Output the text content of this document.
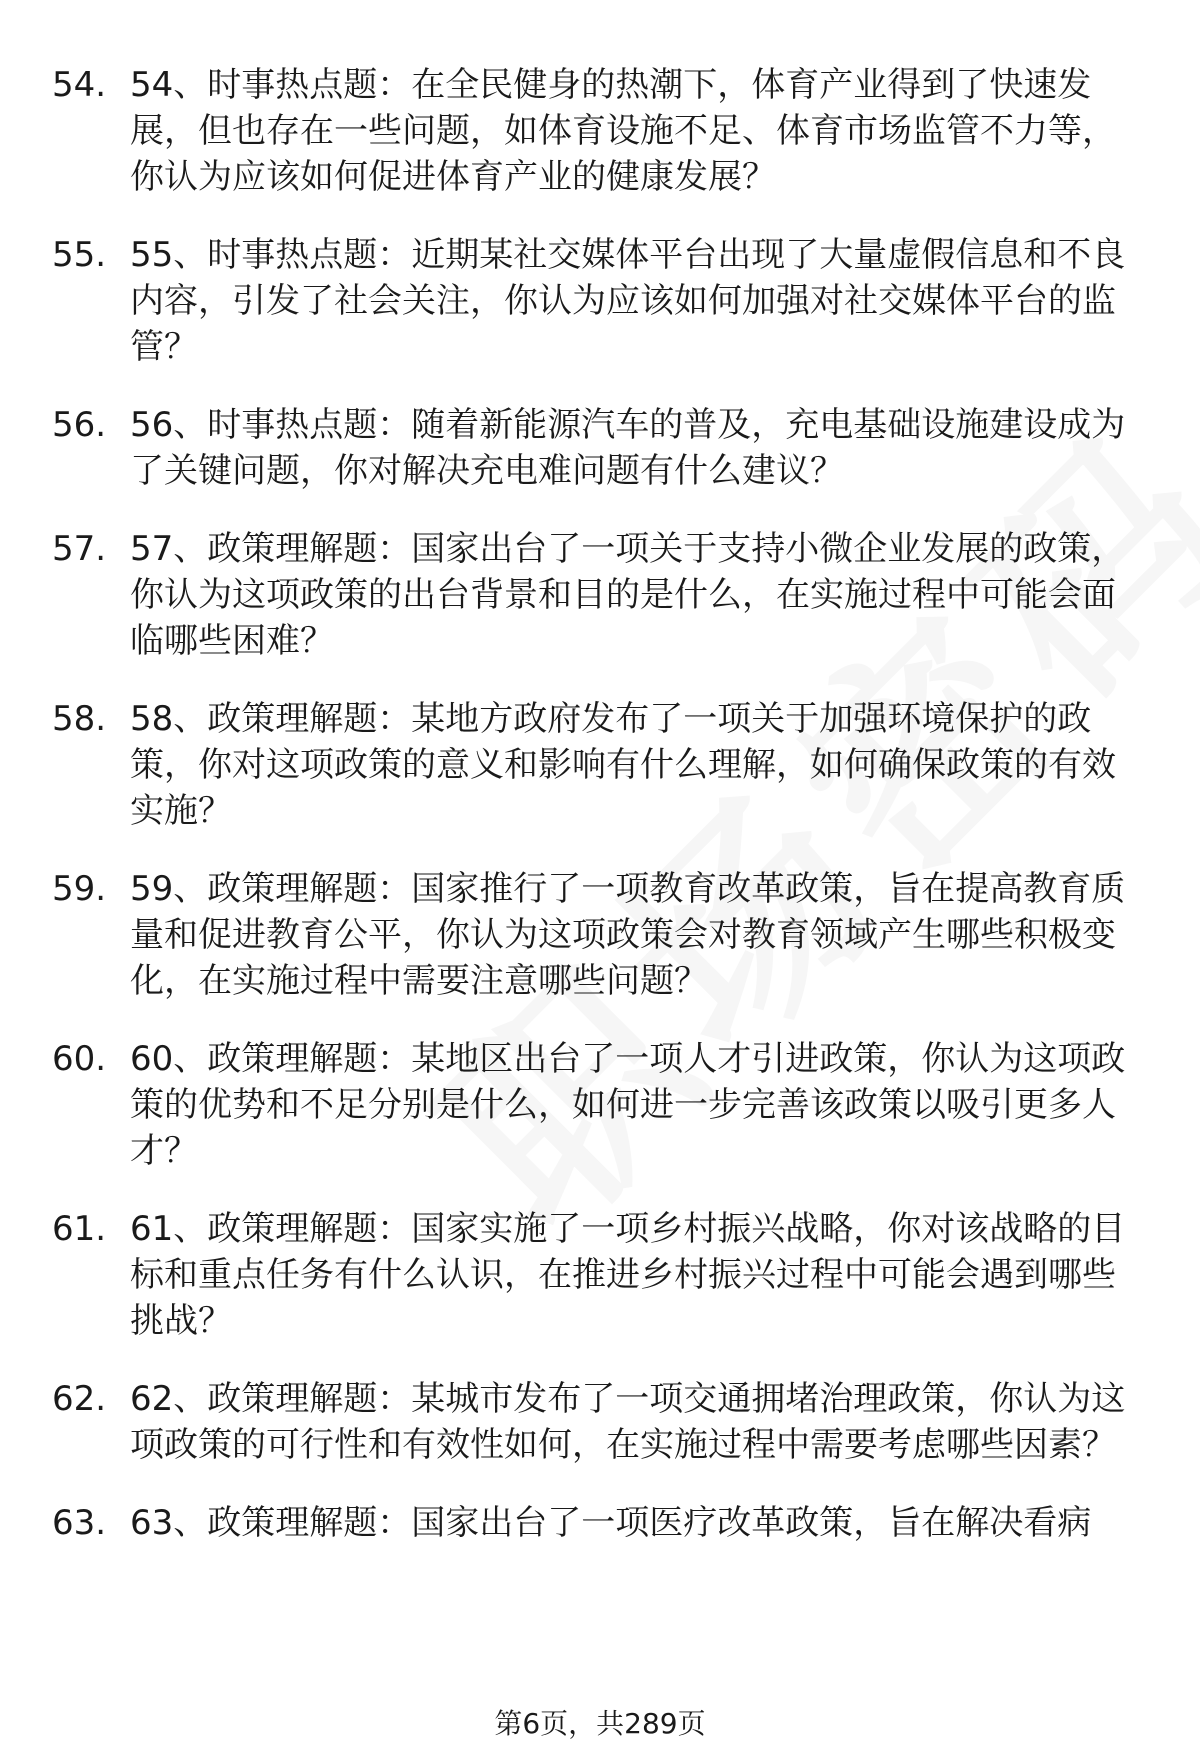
54. 54、时事热点题：在全民健身的热潮下，体育产业得到了快速发展，但也存在一些问题，如体育设施不足、体育市场监管不力等，你认为应该如何促进体育产业的健康发展？
55. 55、时事热点题：近期某社交媒体平台出现了大量虚假信息和不良内容，引发了社会关注，你认为应该如何加强对社交媒体平台的监管？
56. 56、时事热点题：随着新能源汽车的普及，充电基础设施建设成为了关键问题，你对解决充电难问题有什么建议？
57. 57、政策理解题：国家出台了一项关于支持小微企业发展的政策，你认为这项政策的出台背景和目的是什么，在实施过程中可能会面临哪些困难？
58. 58、政策理解题：某地方政府发布了一项关于加强环境保护的政策，你对这项政策的意义和影响有什么理解，如何确保政策的有效实施？
59. 59、政策理解题：国家推行了一项教育改革政策，旨在提高教育质量和促进教育公平，你认为这项政策会对教育领域产生哪些积极变化，在实施过程中需要注意哪些问题？
60. 60、政策理解题：某地区出台了一项人才引进政策，你认为这项政策的优势和不足分别是什么，如何进一步完善该政策以吸引更多人才？
61. 61、政策理解题：国家实施了一项乡村振兴战略，你对该战略的目标和重点任务有什么认识，在推进乡村振兴过程中可能会遇到哪些挑战？
62. 62、政策理解题：某城市发布了一项交通拥堵治理政策，你认为这项政策的可行性和有效性如何，在实施过程中需要考虑哪些因素？
63. 63、政策理解题：国家出台了一项医疗改革政策，旨在解决看病
第6页，共289页
